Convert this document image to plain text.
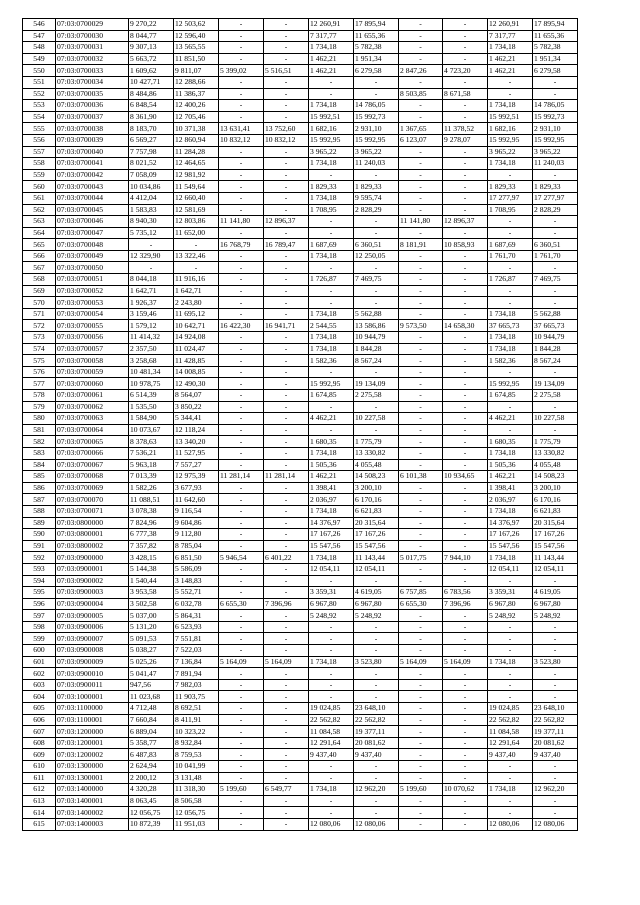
546	07:03:0700029	9 270,22	12 503,62	-	-	12 260,91	17 895,94	-	-	12 260,91	17 895,94
547	07:03:0700030	8 044,77	12 596,40	-	-	7 317,77	11 655,36	-	-	7 317,77	11 655,36
548	07:03:0700031	9 307,13	13 565,55	-	-	1 734,18	5 782,38	-	-	1 734,18	5 782,38
549	07:03:0700032	5 663,72	11 851,50	-	-	1 462,21	1 951,34	-	-	1 462,21	1 951,34
550	07:03:0700033	1 609,62	9 811,07	5 399,02	5 516,51	1 462,21	6 279,58	2 847,26	4 723,20	1 462,21	6 279,58
551	07:03:0700034	10 427,71	12 288,66	-	-	-	-	-	-	-	-
552	07:03:0700035	8 484,86	11 386,37	-	-	-	-	8 503,85	8 671,58	-	-
553	07:03:0700036	6 848,54	12 400,26	-	-	1 734,18	14 786,05	-	-	1 734,18	14 786,05
554	07:03:0700037	8 361,90	12 705,46	-	-	15 992,51	15 992,73	-	-	15 992,51	15 992,73
555	07:03:0700038	8 183,70	10 371,38	13 631,41	13 752,60	1 682,16	2 931,10	1 367,65	11 378,52	1 682,16	2 931,10
556	07:03:0700039	6 569,27	12 860,94	10 832,12	10 832,12	15 992,95	15 992,95	6 123,07	9 278,07	15 992,95	15 992,95
557	07:03:0700040	7 757,98	11 284,28	-	-	3 965,22	3 965,22	-	-	3 965,22	3 965,22
558	07:03:0700041	8 021,52	12 464,65	-	-	1 734,18	11 240,03	-	-	1 734,18	11 240,03
559	07:03:0700042	7 058,09	12 981,92	-	-	-	-	-	-	-	-
560	07:03:0700043	10 034,86	11 549,64	-	-	1 829,33	1 829,33	-	-	1 829,33	1 829,33
561	07:03:0700044	4 412,04	12 660,40	-	-	1 734,18	9 595,74	-	-	17 277,97	17 277,97
562	07:03:0700045	1 583,83	12 581,69	-	-	1 708,95	2 828,29	-	-	1 708,95	2 828,29
563	07:03:0700046	8 940,30	12 803,86	11 141,80	12 896,37	-	-	11 141,80	12 896,37	-	-
564	07:03:0700047	5 735,12	11 652,00	-	-	-	-	-	-	-	-
565	07:03:0700048	-	-	16 768,79	16 789,47	1 687,69	6 360,51	8 181,91	10 858,93	1 687,69	6 360,51
566	07:03:0700049	12 329,90	13 322,46	-	-	1 734,18	12 250,05	-	-	1 761,70	1 761,70
567	07:03:0700050	-	-	-	-	-	-	-	-	-	-
568	07:03:0700051	8 044,18	11 916,16	-	-	1 726,87	7 469,75	-	-	1 726,87	7 469,75
569	07:03:0700052	1 642,71	1 642,71	-	-	-	-	-	-	-	-
570	07:03:0700053	1 926,37	2 243,80	-	-	-	-	-	-	-	-
571	07:03:0700054	3 159,46	11 695,12	-	-	1 734,18	5 562,88	-	-	1 734,18	5 562,88
572	07:03:0700055	1 579,12	10 642,71	16 422,30	16 941,71	2 544,55	13 586,86	9 573,50	14 658,30	37 665,73	37 665,73
573	07:03:0700056	11 414,32	14 924,08	-	-	1 734,18	10 944,79	-	-	1 734,18	10 944,79
574	07:03:0700057	2 357,50	11 024,47	-	-	1 734,18	1 844,28	-	-	1 734,18	1 844,28
575	07:03:0700058	3 258,68	11 428,85	-	-	1 582,36	8 567,24	-	-	1 582,36	8 567,24
576	07:03:0700059	10 481,34	14 008,85	-	-	-	-	-	-	-	-
577	07:03:0700060	10 978,75	12 490,30	-	-	15 992,95	19 134,09	-	-	15 992,95	19 134,09
578	07:03:0700061	6 514,39	8 564,07	-	-	1 674,85	2 275,58	-	-	1 674,85	2 275,58
579	07:03:0700062	1 535,50	3 850,22	-	-	-	-	-	-	-	-
580	07:03:0700063	1 584,90	5 344,41	-	-	4 462,21	10 227,58	-	-	4 462,21	10 227,58
581	07:03:0700064	10 073,67	12 118,24	-	-	-	-	-	-	-	-
582	07:03:0700065	8 378,63	13 340,20	-	-	1 680,35	1 775,79	-	-	1 680,35	1 775,79
583	07:03:0700066	7 536,21	11 527,95	-	-	1 734,18	13 330,82	-	-	1 734,18	13 330,82
584	07:03:0700067	5 963,18	7 557,27	-	-	1 505,36	4 055,48	-	-	1 505,36	4 055,48
585	07:03:0700068	7 013,39	12 975,39	11 281,14	11 281,14	1 462,21	14 508,23	6 101,38	10 934,65	1 462,21	14 508,23
586	07:03:0700069	1 582,26	3 677,93	-	-	1 398,41	3 200,10	-	-	1 398,41	3 200,10
587	07:03:0700070	11 088,51	11 642,60	-	-	2 036,97	6 170,16	-	-	2 036,97	6 170,16
588	07:03:0700071	3 078,38	9 116,54	-	-	1 734,18	6 621,83	-	-	1 734,18	6 621,83
589	07:03:0800000	7 824,96	9 604,86	-	-	14 376,97	20 315,64	-	-	14 376,97	20 315,64
590	07:03:0800001	6 777,38	9 112,80	-	-	17 167,26	17 167,26	-	-	17 167,26	17 167,26
591	07:03:0800002	7 357,82	8 785,04	-	-	15 547,56	15 547,56	-	-	15 547,56	15 547,56
592	07:03:0900000	3 428,15	6 851,50	5 946,54	6 401,22	1 734,18	11 143,44	5 017,75	7 944,10	1 734,18	11 143,44
593	07:03:0900001	5 144,38	5 586,09	-	-	12 054,11	12 054,11	-	-	12 054,11	12 054,11
594	07:03:0900002	1 540,44	3 148,83	-	-	-	-	-	-	-	-
595	07:03:0900003	3 953,58	5 552,71	-	-	3 359,31	4 619,05	6 757,85	6 783,56	3 359,31	4 619,05
596	07:03:0900004	3 502,58	6 032,78	6 655,30	7 396,96	6 967,80	6 967,80	6 655,30	7 396,96	6 967,80	6 967,80
597	07:03:0900005	5 037,00	5 864,31	-	-	5 248,92	5 248,92	-	-	5 248,92	5 248,92
598	07:03:0900006	5 131,20	6 523,93	-	-	-	-	-	-	-	-
599	07:03:0900007	5 091,53	7 551,81	-	-	-	-	-	-	-	-
600	07:03:0900008	5 038,27	7 522,03	-	-	-	-	-	-	-	-
601	07:03:0900009	5 025,26	7 136,84	5 164,09	5 164,09	1 734,18	3 523,80	5 164,09	5 164,09	1 734,18	3 523,80
602	07:03:0900010	5 041,47	7 891,94	-	-	-	-	-	-	-	-
603	07:03:0900011	947,56	7 982,03	-	-	-	-	-	-	-	-
604	07:03:1000001	11 023,68	11 903,75	-	-	-	-	-	-	-	-
605	07:03:1100000	4 712,48	8 692,51	-	-	19 024,85	23 648,10	-	-	19 024,85	23 648,10
606	07:03:1100001	7 660,84	8 411,91	-	-	22 562,82	22 562,82	-	-	22 562,82	22 562,82
607	07:03:1200000	6 889,04	10 323,22	-	-	11 084,58	19 377,11	-	-	11 084,58	19 377,11
608	07:03:1200001	5 358,77	8 932,84	-	-	12 291,64	20 081,62	-	-	12 291,64	20 081,62
609	07:03:1200002	6 487,83	8 759,53	-	-	9 437,40	9 437,40	-	-	9 437,40	9 437,40
610	07:03:1300000	2 624,94	10 041,99	-	-	-	-	-	-	-	-
611	07:03:1300001	2 200,12	3 131,48	-	-	-	-	-	-	-	-
612	07:03:1400000	4 320,28	11 318,30	5 199,60	6 549,77	1 734,18	12 962,20	5 199,60	10 070,62	1 734,18	12 962,20
613	07:03:1400001	8 063,45	8 506,58	-	-	-	-	-	-	-	-
614	07:03:1400002	12 056,75	12 056,75	-	-	-	-	-	-	-	-
615	07:03:1400003	10 872,39	11 951,03	-	-	12 080,06	12 080,06	-	-	12 080,06	12 080,06
